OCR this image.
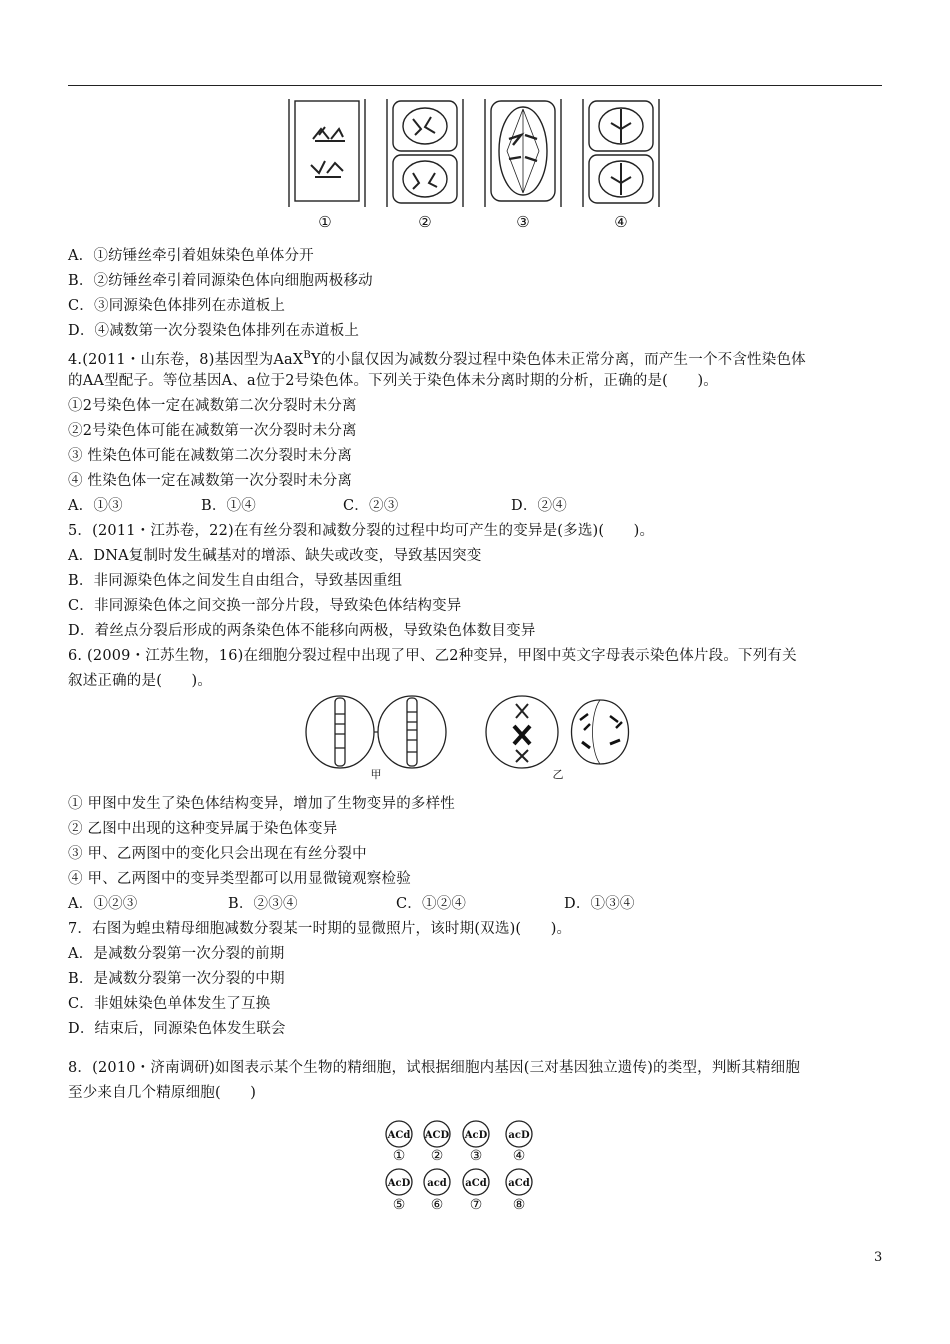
①	②	③	④
A．①纺锤丝牵引着姐妹染色单体分开
B．②纺锤丝牵引着同源染色体向细胞两极移动
C．③同源染色体排列在赤道板上
D．④减数第一次分裂染色体排列在赤道板上
4.(2011・山东卷，8)基因型为AaX$^B$Y的小鼠仅因为减数分裂过程中染色体未正常分离，而产生一个不含性染色体
的AA型配子。等位基因A、a位于2号染色体。下列关于染色体未分离时期的分析，正确的是(　　)。
①2号染色体一定在减数第二次分裂时未分离
②2号染色体可能在减数第一次分裂时未分离
③ 性染色体可能在减数第二次分裂时未分离
④ 性染色体一定在减数第一次分裂时未分离
A．①③	B．①④	C．②③	D．②④
5．(2011・江苏卷，22)在有丝分裂和减数分裂的过程中均可产生的变异是(多选)(　　)。
A．DNA复制时发生碱基对的增添、缺失或改变，导致基因突变
B．非同源染色体之间发生自由组合，导致基因重组
C．非同源染色体之间交换一部分片段，导致染色体结构变异
D．着丝点分裂后形成的两条染色体不能移向两极，导致染色体数目变异
6. (2009・江苏生物，16)在细胞分裂过程中出现了甲、乙2种变异，甲图中英文字母表示染色体片段。下列有关
叙述正确的是(　　)。
甲	乙
① 甲图中发生了染色体结构变异，增加了生物变异的多样性
② 乙图中出现的这种变异属于染色体变异
③ 甲、乙两图中的变化只会出现在有丝分裂中
④ 甲、乙两图中的变异类型都可以用显微镜观察检验
A．①②③	B．②③④	C．①②④	D．①③④
7．右图为蝗虫精母细胞减数分裂某一时期的显微照片，该时期(双选)(　　)。
A．是减数分裂第一次分裂的前期
B．是减数分裂第一次分裂的中期
C．非姐妹染色单体发生了互换
D．结束后，同源染色体发生联会
8．(2010・济南调研)如图表示某个生物的精细胞，试根据细胞内基因(三对基因独立遗传)的类型，判断其精细胞
至少来自几个精原细胞(　　)
ACd
①
ACD
②
AcD
③
acD
④
AcD
⑤
acd
⑥
aCd
⑦
aCd
⑧
3
